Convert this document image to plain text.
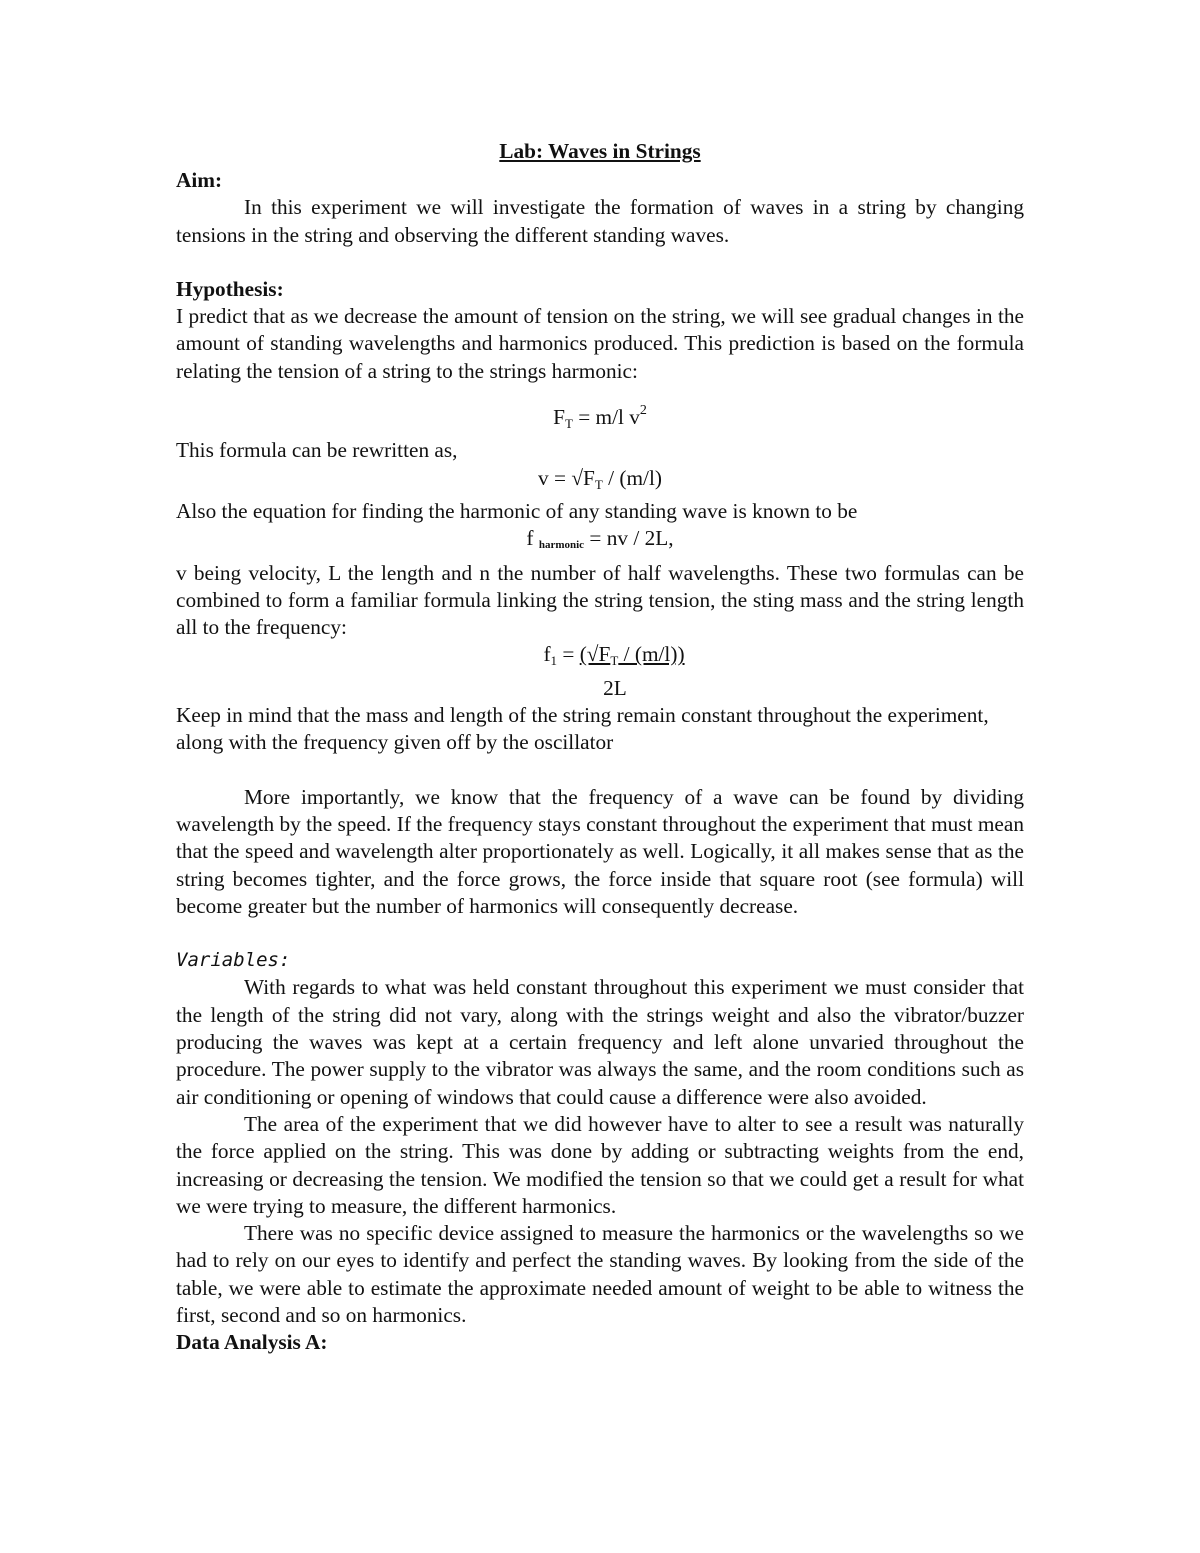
Lab: Waves in Strings
Aim:

In this experiment we will investigate the formation of waves in a string by changing tensions in the string and observing the different standing waves.

Hypothesis:

I predict that as we decrease the amount of tension on the string, we will see gradual changes in the amount of standing wavelengths and harmonics produced. This prediction is based on the formula relating the tension of a string to the strings harmonic:

$F_T = m/l$ $v^2$

This formula can be rewritten as,

$v = √F_T / (m/l)$

Also the equation for finding the harmonic of any standing wave is known to be

f harmonic = nv / 2L,

v being velocity, L the length and n the number of half wavelengths. These two formulas can be combined to form a familiar formula linking the string tension, the sting mass and the string length all to the frequency:

$f_1 = (√F_T / (m/l))$
2L

Keep in mind that the mass and length of the string remain constant throughout the experiment, along with the frequency given off by the oscillator

More importantly, we know that the frequency of a wave can be found by dividing wavelength by the speed. If the frequency stays constant throughout the experiment that must mean that the speed and wavelength alter proportionately as well. Logically, it all makes sense that as the string becomes tighter, and the force grows, the force inside that square root (see formula) will become greater but the number of harmonics will consequently decrease.

Variables:

With regards to what was held constant throughout this experiment we must consider that the length of the string did not vary, along with the strings weight and also the vibrator/buzzer producing the waves was kept at a certain frequency and left alone unvaried throughout the procedure. The power supply to the vibrator was always the same, and the room conditions such as air conditioning or opening of windows that could cause a difference were also avoided.

The area of the experiment that we did however have to alter to see a result was naturally the force applied on the string. This was done by adding or subtracting weights from the end, increasing or decreasing the tension. We modified the tension so that we could get a result for what we were trying to measure, the different harmonics.

There was no specific device assigned to measure the harmonics or the wavelengths so we had to rely on our eyes to identify and perfect the standing waves. By looking from the side of the table, we were able to estimate the approximate needed amount of weight to be able to witness the first, second and so on harmonics.

Data Analysis A:
